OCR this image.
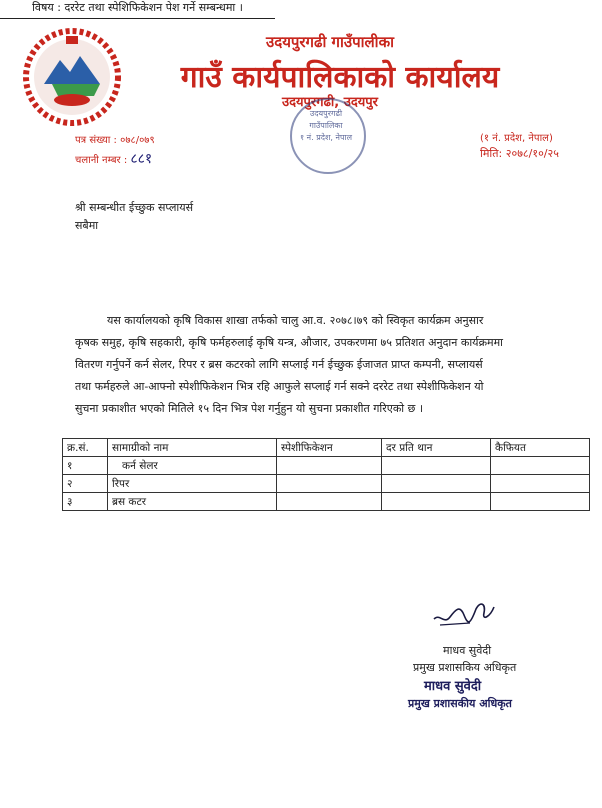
उदयपुरगढी गाउँपालीका
गाउँ कार्यपालिकाको कार्यालय
उदयपुरगढी, उदयपुर
पत्र संख्या : ०७८/०७९
चलानी नम्बर : ८८१
(१ नं. प्रदेश, नेपाल)
मिति: २०७८/१०/२५
उदयपुरगढी
गाउँपालिका
१ नं. प्रदेश, नेपाल
श्री सम्बन्धीत ईच्छुक सप्लायर्स
सबैमा
विषय : दररेट तथा स्पेशिफिकेशन पेश गर्ने सम्बन्धमा ।
यस कार्यालयको कृषि विकास शाखा तर्फको चालु आ.व. २०७८।७९ को स्विकृत कार्यक्रम अनुसार
कृषक समुह, कृषि सहकारी, कृषि फर्महरुलाई कृषि यन्त्र, औजार, उपकरणमा ७५ प्रतिशत अनुदान कार्यक्रममा
वितरण गर्नुपर्ने कर्न सेलर, रिपर र ब्रस कटरको लागि सप्लाई गर्न ईच्छुक ईजाजत प्राप्त कम्पनी, सप्लायर्स
तथा फर्महरुले आ-आफ्नो स्पेशीफिकेशन भित्र रहि आफुले सप्लाई गर्न सक्ने दररेट तथा स्पेशीफिकेशन यो
सुचना प्रकाशीत भएको मितिले १५ दिन भित्र पेश गर्नुहुन यो सुचना प्रकाशीत गरिएको छ ।
क्र.सं.	सामाग्रीको नाम	स्पेशीफिकेशन	दर प्रति थान	कैफियत
१	कर्न सेलर			
२	रिपर			
३	ब्रस कटर			
माधव सुवेदी
प्रमुख प्रशासकिय अधिकृत
माधव सुवेदी
प्रमुख प्रशासकीय अधिकृत
